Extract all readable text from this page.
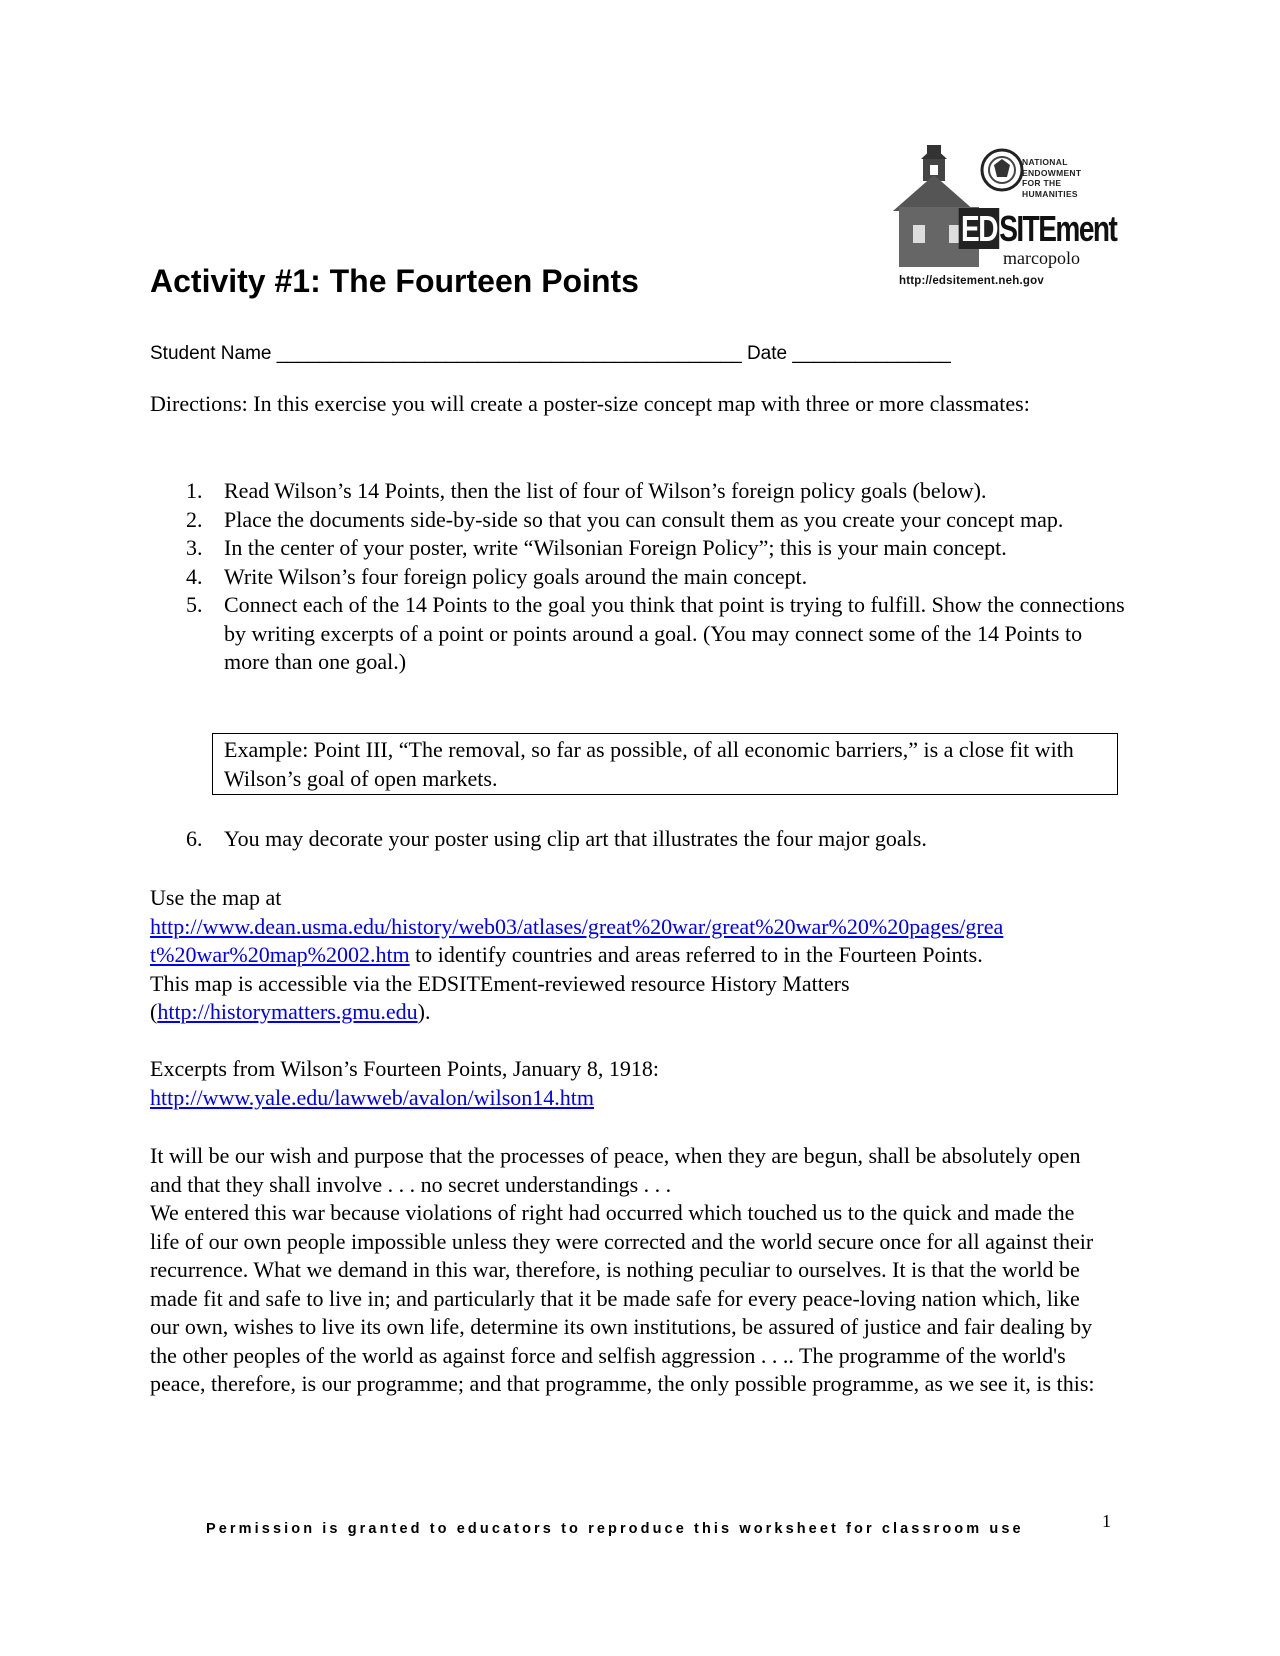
NATIONAL
ENDOWMENT
FOR THE
HUMANITIES
EDSITEment
marcopolo
http://edsitement.neh.gov
Activity #1: The Fourteen Points
Student Name ____________________________________________ Date _______________
Directions: In this exercise you will create a poster-size concept map with three or more classmates:
1. Read Wilson’s 14 Points, then the list of four of Wilson’s foreign policy goals (below).
2. Place the documents side-by-side so that you can consult them as you create your concept map.
3. In the center of your poster, write “Wilsonian Foreign Policy”; this is your main concept.
4. Write Wilson’s four foreign policy goals around the main concept.
5. Connect each of the 14 Points to the goal you think that point is trying to fulfill. Show the connections by writing excerpts of a point or points around a goal. (You may connect some of the 14 Points to more than one goal.)
Example: Point III, “The removal, so far as possible, of all economic barriers,” is a close fit with Wilson’s goal of open markets.
6. You may decorate your poster using clip art that illustrates the four major goals.
Use the map at
http://www.dean.usma.edu/history/web03/atlases/great%20war/great%20war%20%20pages/grea
t%20war%20map%2002.htm to identify countries and areas referred to in the Fourteen Points.
This map is accessible via the EDSITEment-reviewed resource History Matters
(http://historymatters.gmu.edu).
Excerpts from Wilson’s Fourteen Points, January 8, 1918:
http://www.yale.edu/lawweb/avalon/wilson14.htm
It will be our wish and purpose that the processes of peace, when they are begun, shall be absolutely open and that they shall involve . . . no secret understandings . . .
We entered this war because violations of right had occurred which touched us to the quick and made the life of our own people impossible unless they were corrected and the world secure once for all against their recurrence. What we demand in this war, therefore, is nothing peculiar to ourselves. It is that the world be made fit and safe to live in; and particularly that it be made safe for every peace-loving nation which, like our own, wishes to live its own life, determine its own institutions, be assured of justice and fair dealing by the other peoples of the world as against force and selfish aggression . . .. The programme of the world's peace, therefore, is our programme; and that programme, the only possible programme, as we see it, is this:
Permission is granted to educators to reproduce this worksheet for classroom use	1
